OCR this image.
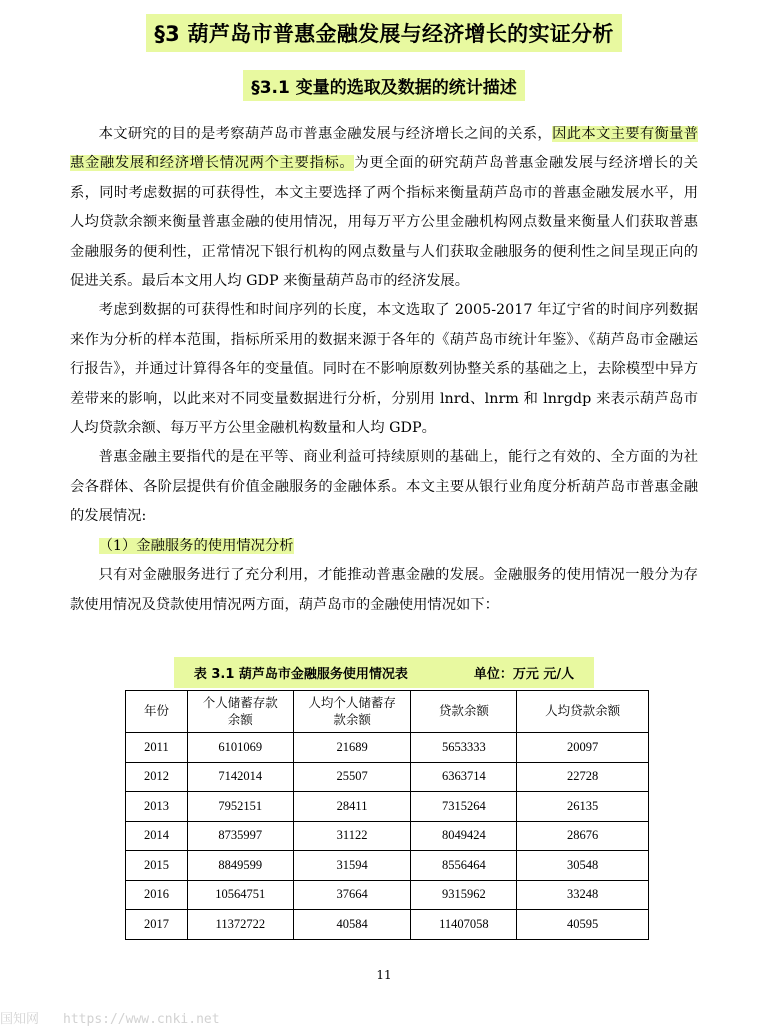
§3 葫芦岛市普惠金融发展与经济增长的实证分析
§3.1 变量的选取及数据的统计描述

本文研究的目的是考察葫芦岛市普惠金融发展与经济增长之间的关系，因此本文主要有衡量普惠金融发展和经济增长情况两个主要指标。为更全面的研究葫芦岛普惠金融发展与经济增长的关系，同时考虑数据的可获得性，本文主要选择了两个指标来衡量葫芦岛市的普惠金融发展水平，用人均贷款余额来衡量普惠金融的使用情况，用每万平方公里金融机构网点数量来衡量人们获取普惠金融服务的便利性，正常情况下银行机构的网点数量与人们获取金融服务的便利性之间呈现正向的促进关系。最后本文用人均 GDP 来衡量葫芦岛市的经济发展。

考虑到数据的可获得性和时间序列的长度，本文选取了 2005-2017 年辽宁省的时间序列数据来作为分析的样本范围，指标所采用的数据来源于各年的《葫芦岛市统计年鉴》、《葫芦岛市金融运行报告》，并通过计算得各年的变量值。同时在不影响原数列协整关系的基础之上，去除模型中异方差带来的影响，以此来对不同变量数据进行分析，分别用 lnrd、lnrm 和 lnrgdp 来表示葫芦岛市人均贷款余额、每万平方公里金融机构数量和人均 GDP。

普惠金融主要指代的是在平等、商业利益可持续原则的基础上，能行之有效的、全方面的为社会各群体、各阶层提供有价值金融服务的金融体系。本文主要从银行业角度分析葫芦岛市普惠金融的发展情况:

（1）金融服务的使用情况分析

只有对金融服务进行了充分利用，才能推动普惠金融的发展。金融服务的使用情况一般分为存款使用情况及贷款使用情况两方面，葫芦岛市的金融使用情况如下：

表 3.1 葫芦岛市金融服务使用情况表	单位：万元 元/人
年份	个人储蓄存款余额	人均个人储蓄存款余额	贷款余额	人均贷款余额
2011	6101069	21689	5653333	20097
2012	7142014	25507	6363714	22728
2013	7952151	28411	7315264	26135
2014	8735997	31122	8049424	28676
2015	8849599	31594	8556464	30548
2016	10564751	37664	9315962	33248
2017	11372722	40584	11407058	40595
11
国知网 https://www.cnki.net
